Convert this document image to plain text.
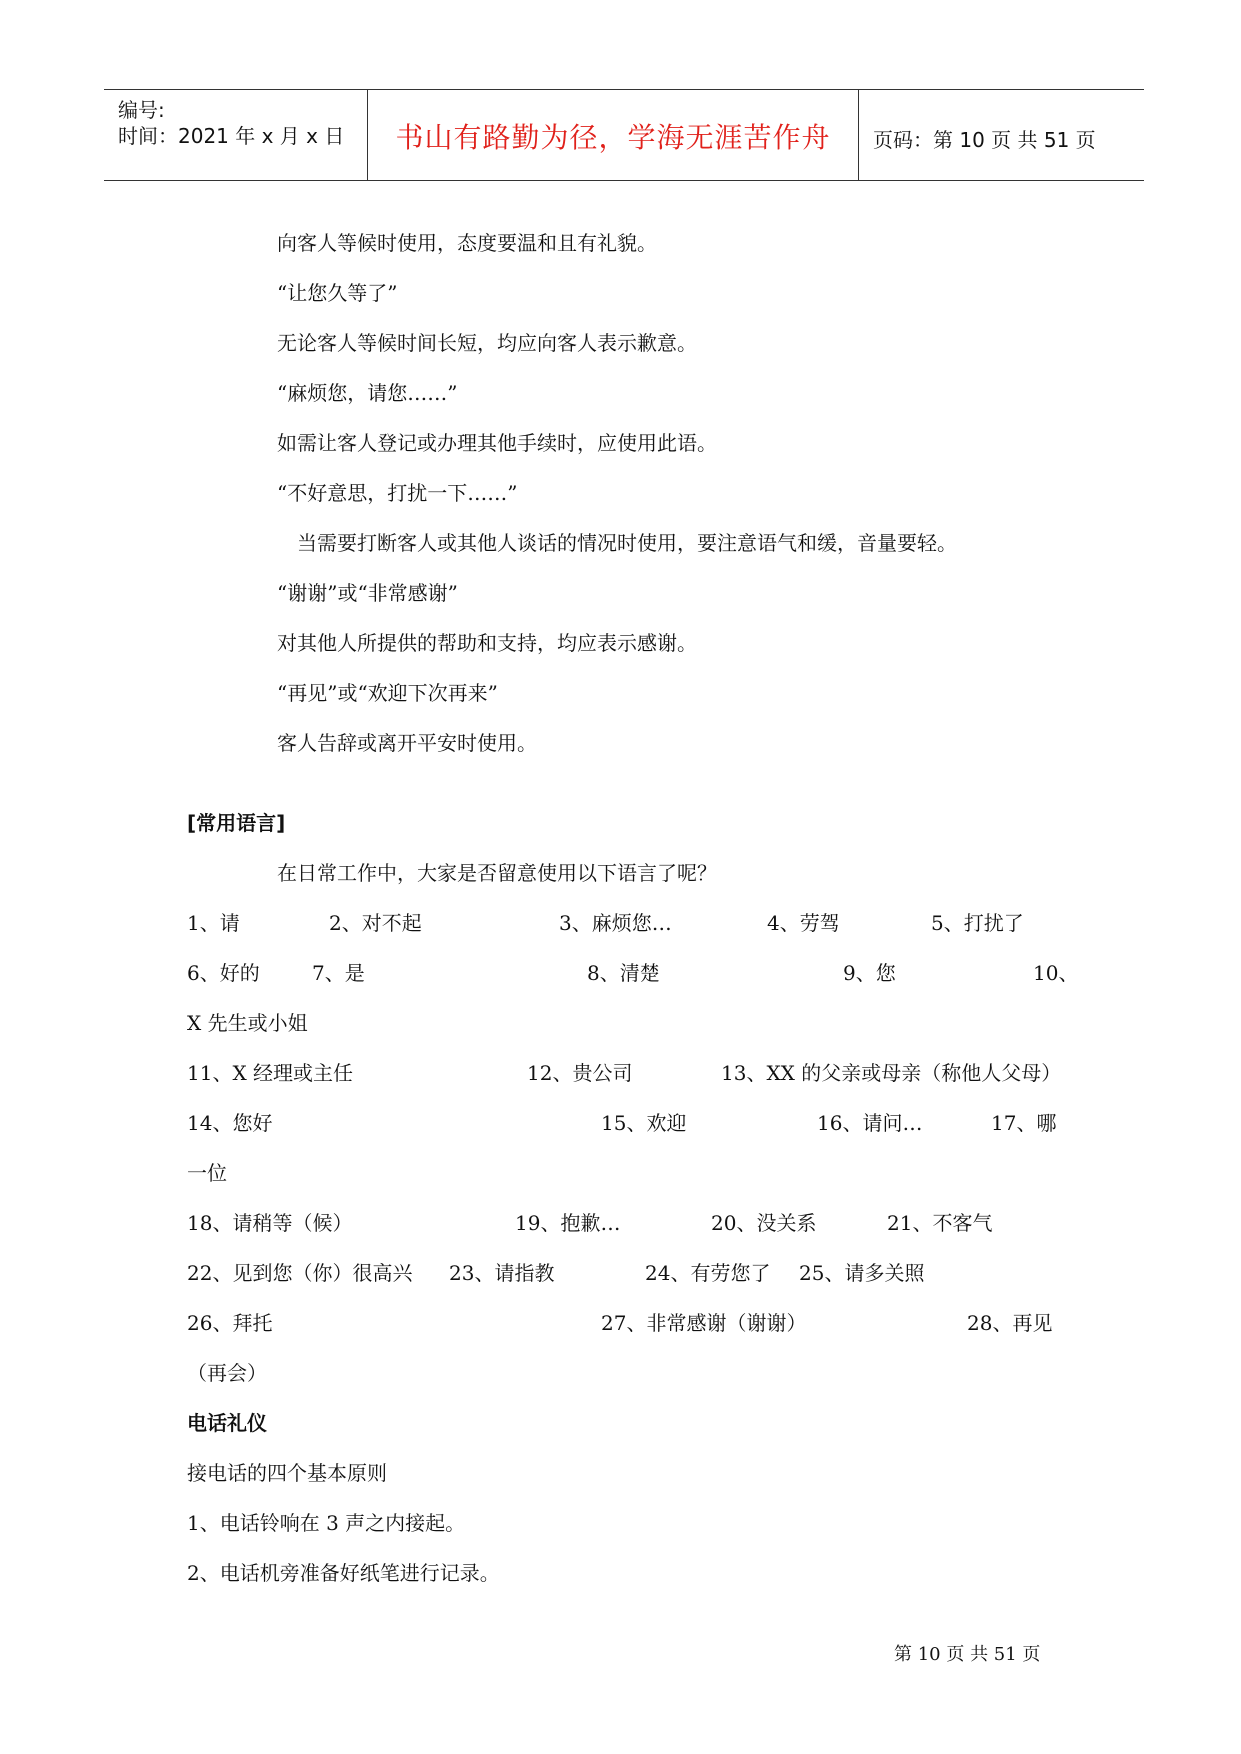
编号:
时间：2021 年 x 月 x 日	书山有路勤为径，学海无涯苦作舟	页码：第 10 页 共 51 页
向客人等候时使用，态度要温和且有礼貌。
“让您久等了”
无论客人等候时间长短，均应向客人表示歉意。
“麻烦您，请您……”
如需让客人登记或办理其他手续时，应使用此语。
“不好意思，打扰一下……”
当需要打断客人或其他人谈话的情况时使用，要注意语气和缓，音量要轻。
“谢谢”或“非常感谢”
对其他人所提供的帮助和支持，均应表示感谢。
“再见”或“欢迎下次再来”
客人告辞或离开平安时使用。
[常用语言]
在日常工作中，大家是否留意使用以下语言了呢？
1、请	2、对不起	3、麻烦您…	4、劳驾	5、打扰了
6、好的	7、是	8、清楚	9、您	10、
X 先生或小姐
11、X 经理或主任	12、贵公司	13、XX 的父亲或母亲（称他人父母）
14、您好	15、欢迎	16、请问…	17、哪
一位
18、请稍等（候）	19、抱歉…	20、没关系	21、不客气
22、见到您（你）很高兴 23、请指教	24、有劳您了 25、请多关照
26、拜托	27、非常感谢（谢谢）	28、再见
（再会）
电话礼仪
接电话的四个基本原则
1、电话铃响在 3 声之内接起。
2、电话机旁准备好纸笔进行记录。
第 10 页 共 51 页
